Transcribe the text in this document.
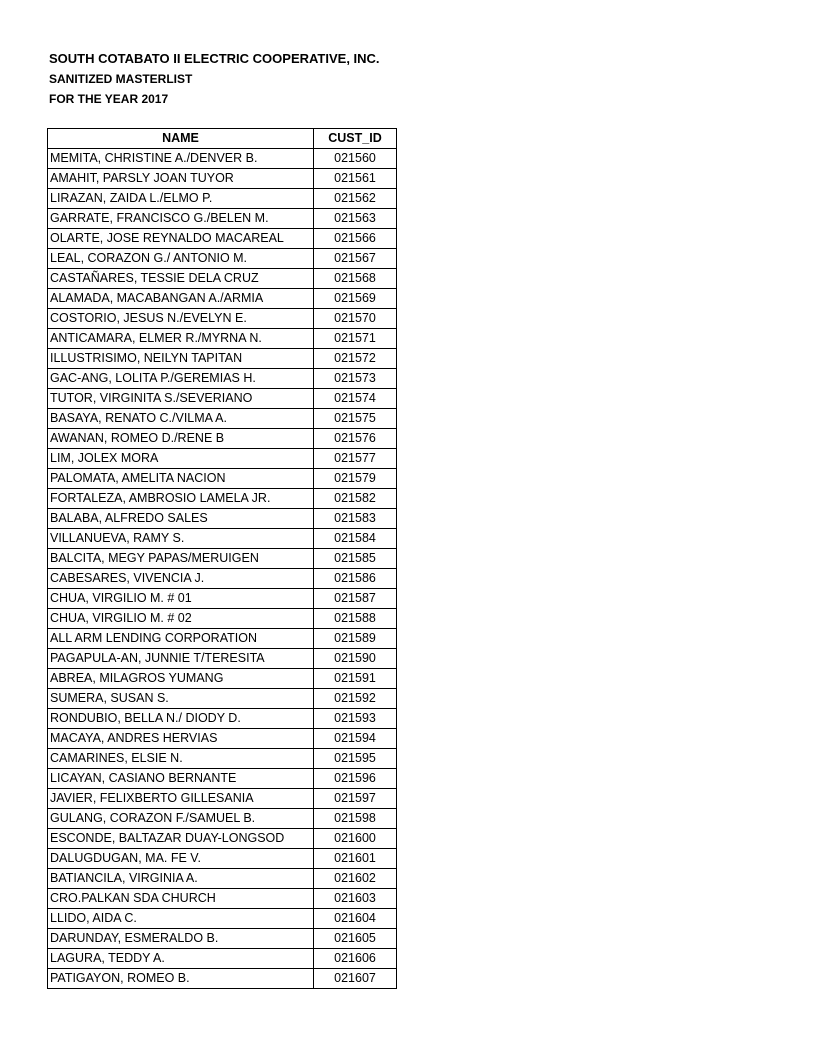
SOUTH COTABATO II ELECTRIC COOPERATIVE, INC.
SANITIZED MASTERLIST
FOR THE YEAR 2017
NAME	CUST_ID
MEMITA, CHRISTINE A./DENVER B.	021560
AMAHIT, PARSLY JOAN TUYOR	021561
LIRAZAN, ZAIDA L./ELMO P.	021562
GARRATE, FRANCISCO G./BELEN M.	021563
OLARTE, JOSE REYNALDO MACAREAL	021566
LEAL, CORAZON G./ ANTONIO M.	021567
CASTAÑARES, TESSIE DELA CRUZ	021568
ALAMADA, MACABANGAN A./ARMIA	021569
COSTORIO, JESUS N./EVELYN E.	021570
ANTICAMARA, ELMER R./MYRNA N.	021571
ILLUSTRISIMO, NEILYN TAPITAN	021572
GAC-ANG, LOLITA P./GEREMIAS H.	021573
TUTOR, VIRGINITA S./SEVERIANO	021574
BASAYA, RENATO C./VILMA A.	021575
AWANAN, ROMEO D./RENE B	021576
LIM, JOLEX MORA	021577
PALOMATA, AMELITA NACION	021579
FORTALEZA, AMBROSIO LAMELA JR.	021582
BALABA, ALFREDO SALES	021583
VILLANUEVA, RAMY S.	021584
BALCITA, MEGY PAPAS/MERUIGEN	021585
CABESARES, VIVENCIA J.	021586
CHUA, VIRGILIO M. # 01	021587
CHUA, VIRGILIO M. # 02	021588
ALL ARM LENDING CORPORATION	021589
PAGAPULA-AN, JUNNIE T/TERESITA	021590
ABREA, MILAGROS YUMANG	021591
SUMERA, SUSAN S.	021592
RONDUBIO, BELLA N./ DIODY D.	021593
MACAYA, ANDRES HERVIAS	021594
CAMARINES, ELSIE N.	021595
LICAYAN, CASIANO BERNANTE	021596
JAVIER, FELIXBERTO GILLESANIA	021597
GULANG, CORAZON F./SAMUEL B.	021598
ESCONDE, BALTAZAR DUAY-LONGSOD	021600
DALUGDUGAN, MA. FE V.	021601
BATIANCILA, VIRGINIA A.	021602
CRO.PALKAN SDA CHURCH	021603
LLIDO, AIDA C.	021604
DARUNDAY, ESMERALDO B.	021605
LAGURA, TEDDY A.	021606
PATIGAYON, ROMEO B.	021607
